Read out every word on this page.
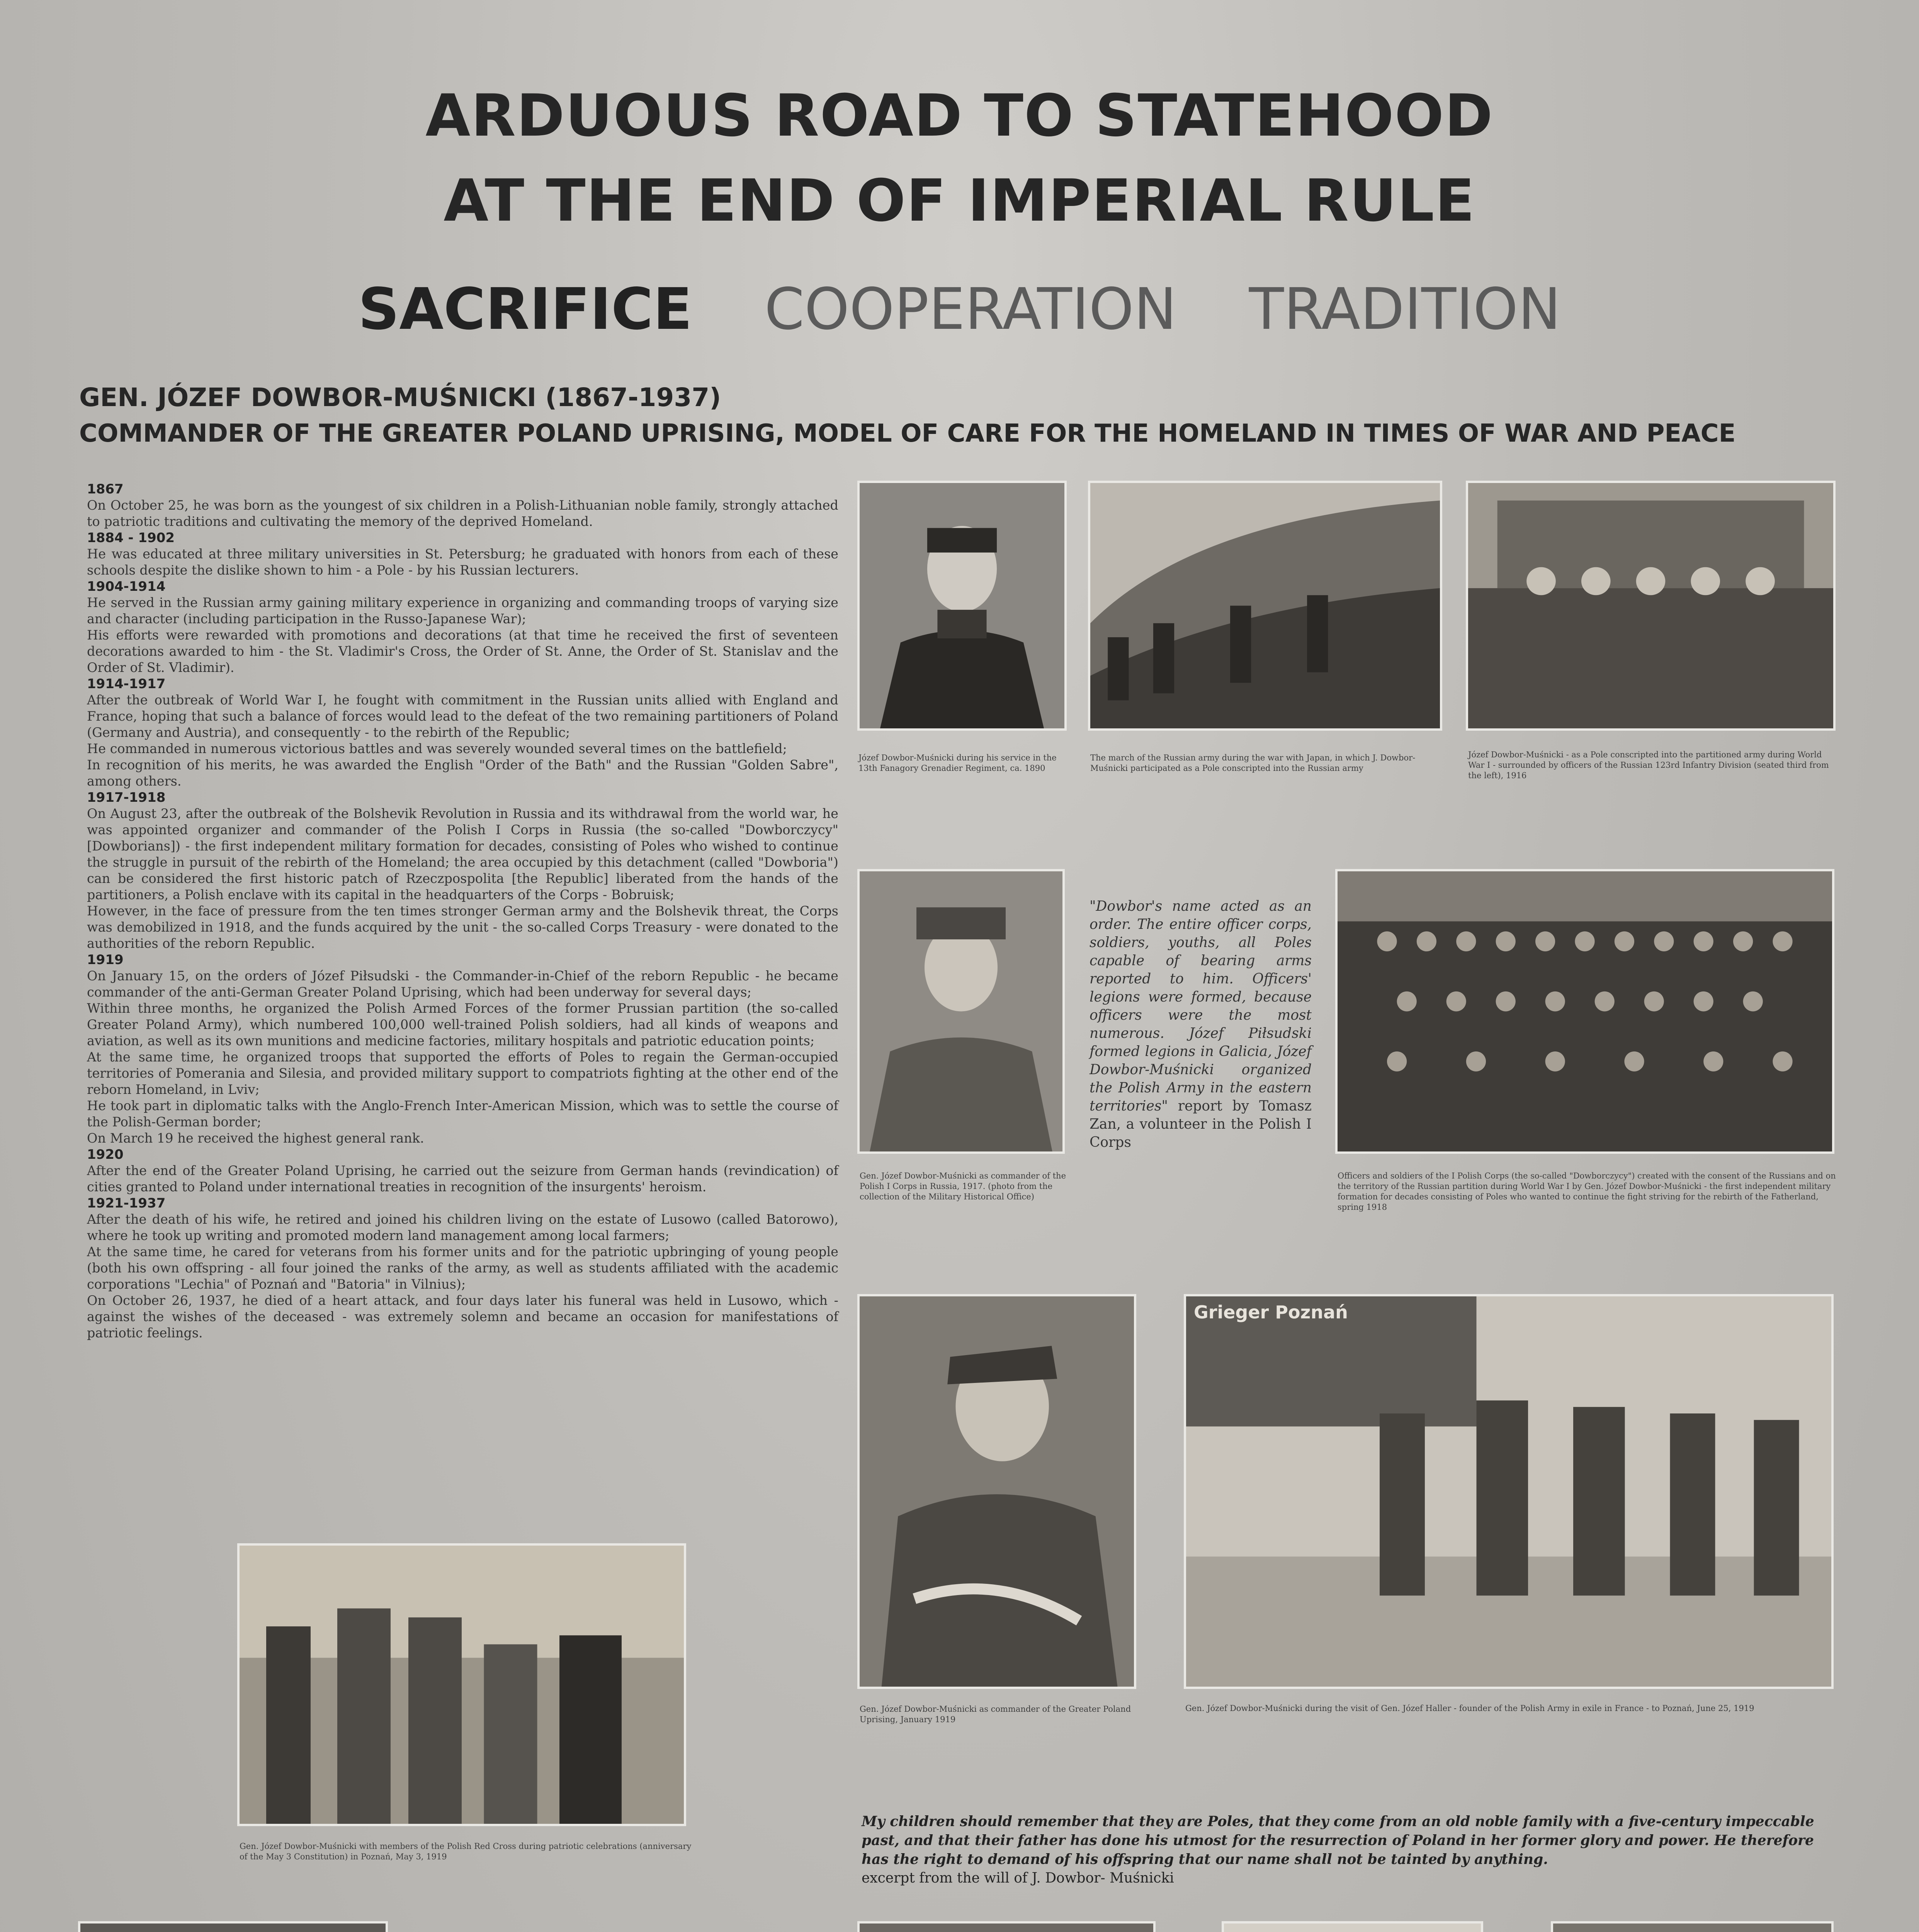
ARDUOUS ROAD TO STATEHOOD
AT THE END OF IMPERIAL RULE
SACRIFICE COOPERATION TRADITION
GEN. JÓZEF DOWBOR-MUŚNICKI (1867-1937)
COMMANDER OF THE GREATER POLAND UPRISING, MODEL OF CARE FOR THE HOMELAND IN TIMES OF WAR AND PEACE
1867

On October 25, he was born as the youngest of six children in a Polish-Lithuanian noble family, strongly attached to patriotic traditions and cultivating the memory of the deprived Homeland.

1884 - 1902

He was educated at three military universities in St. Petersburg; he graduated with honors from each of these schools despite the dislike shown to him - a Pole - by his Russian lecturers.

1904-1914

He served in the Russian army gaining military experience in organizing and commanding troops of varying size and character (including participation in the Russo-Japanese War);

His efforts were rewarded with promotions and decorations (at that time he received the first of seventeen decorations awarded to him - the St. Vladimir's Cross, the Order of St. Anne, the Order of St. Stanislav and the Order of St. Vladimir).

1914-1917

After the outbreak of World War I, he fought with commitment in the Russian units allied with England and France, hoping that such a balance of forces would lead to the defeat of the two remaining partitioners of Poland (Germany and Austria), and consequently - to the rebirth of the Republic;

He commanded in numerous victorious battles and was severely wounded several times on the battlefield;

In recognition of his merits, he was awarded the English "Order of the Bath" and the Russian "Golden Sabre", among others.

1917-1918

On August 23, after the outbreak of the Bolshevik Revolution in Russia and its withdrawal from the world war, he was appointed organizer and commander of the Polish I Corps in Russia (the so-called "Dowborczycy" [Dowborians]) - the first independent military formation for decades, consisting of Poles who wished to continue the struggle in pursuit of the rebirth of the Homeland; the area occupied by this detachment (called "Dowboria") can be considered the first historic patch of Rzeczpospolita [the Republic] liberated from the hands of the partitioners, a Polish enclave with its capital in the headquarters of the Corps - Bobruisk;

However, in the face of pressure from the ten times stronger German army and the Bolshevik threat, the Corps was demobilized in 1918, and the funds acquired by the unit - the so-called Corps Treasury - were donated to the authorities of the reborn Republic.

1919

On January 15, on the orders of Józef Piłsudski - the Commander-in-Chief of the reborn Republic - he became commander of the anti-German Greater Poland Uprising, which had been underway for several days;

Within three months, he organized the Polish Armed Forces of the former Prussian partition (the so-called Greater Poland Army), which numbered 100,000 well-trained Polish soldiers, had all kinds of weapons and aviation, as well as its own munitions and medicine factories, military hospitals and patriotic education points;

At the same time, he organized troops that supported the efforts of Poles to regain the German-occupied territories of Pomerania and Silesia, and provided military support to compatriots fighting at the other end of the reborn Homeland, in Lviv;

He took part in diplomatic talks with the Anglo-French Inter-American Mission, which was to settle the course of the Polish-German border;

On March 19 he received the highest general rank.

1920

After the end of the Greater Poland Uprising, he carried out the seizure from German hands (revindication) of cities granted to Poland under international treaties in recognition of the insurgents' heroism.

1921-1937

After the death of his wife, he retired and joined his children living on the estate of Lusowo (called Batorowo), where he took up writing and promoted modern land management among local farmers;

At the same time, he cared for veterans from his former units and for the patriotic upbringing of young people (both his own offspring - all four joined the ranks of the army, as well as students affiliated with the academic corporations "Lechia" of Poznań and "Batoria" in Vilnius);

On October 26, 1937, he died of a heart attack, and four days later his funeral was held in Lusowo, which - against the wishes of the deceased - was extremely solemn and became an occasion for manifestations of patriotic feelings.

Józef Dowbor-Muśnicki during his service in the 13th Fanagory Grenadier Regiment, ca. 1890
The march of the Russian army during the war with Japan, in which J. Dowbor-Muśnicki participated as a Pole conscripted into the Russian army
Józef Dowbor-Muśnicki - as a Pole conscripted into the partitioned army during World War I - surrounded by officers of the Russian 123rd Infantry Division (seated third from the left), 1916
Gen. Józef Dowbor-Muśnicki as commander of the Polish I Corps in Russia, 1917. (photo from the collection of the Military Historical Office)
"Dowbor's name acted as an order. The entire officer corps, soldiers, youths, all Poles capable of bearing arms reported to him. Officers' legions were formed, because officers were the most numerous. Józef Piłsudski formed legions in Galicia, Józef Dowbor-Muśnicki organized the Polish Army in the eastern territories" report by Tomasz Zan, a volunteer in the Polish I Corps
Officers and soldiers of the I Polish Corps (the so-called "Dowborczycy") created with the consent of the Russians and on the territory of the Russian partition during World War I by Gen. Józef Dowbor-Muśnicki - the first independent military formation for decades consisting of Poles who wanted to continue the fight striving for the rebirth of the Fatherland, spring 1918
Gen. Józef Dowbor-Muśnicki as commander of the Greater Poland Uprising, January 1919
Grieger Poznań
Gen. Józef Dowbor-Muśnicki during the visit of Gen. Józef Haller - founder of the Polish Army in exile in France - to Poznań, June 25, 1919
Gen. Józef Dowbor-Muśnicki with members of the Polish Red Cross during patriotic celebrations (anniversary of the May 3 Constitution) in Poznań, May 3, 1919
My children should remember that they are Poles, that they come from an old noble family with a five-century impeccable past, and that their father has done his utmost for the resurrection of Poland in her former glory and power. He therefore has the right to demand of his offspring that our name shall not be tainted by anything.
excerpt from the will of J. Dowbor- Muśnicki
